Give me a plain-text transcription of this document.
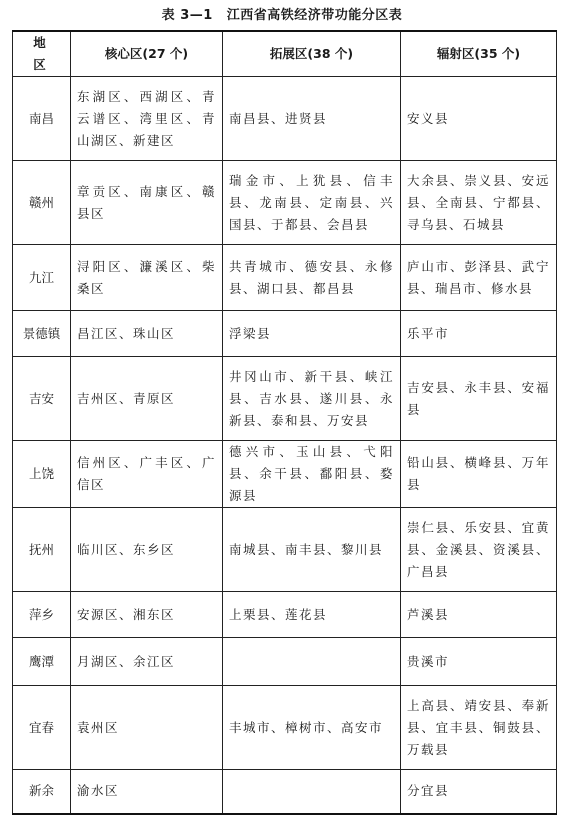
表 3—1 江西省高铁经济带功能分区表
地区	核心区(27 个)	拓展区(38 个)	辐射区(35 个)
南昌	东湖区、西湖区、青云谱区、湾里区、青山湖区、新建区	南昌县、进贤县	安义县
赣州	章贡区、南康区、赣县区	瑞金市、上犹县、信丰县、龙南县、定南县、兴国县、于都县、会昌县	大余县、崇义县、安远县、全南县、宁都县、寻乌县、石城县
九江	浔阳区、濂溪区、柴桑区	共青城市、德安县、永修县、湖口县、都昌县	庐山市、彭泽县、武宁县、瑞昌市、修水县
景德镇	昌江区、珠山区	浮梁县	乐平市
吉安	吉州区、青原区	井冈山市、新干县、峡江县、吉水县、遂川县、永新县、泰和县、万安县	吉安县、永丰县、安福县
上饶	信州区、广丰区、广信区	德兴市、玉山县、弋阳县、余干县、鄱阳县、婺源县	铅山县、横峰县、万年县
抚州	临川区、东乡区	南城县、南丰县、黎川县	崇仁县、乐安县、宜黄县、金溪县、资溪县、广昌县
萍乡	安源区、湘东区	上栗县、莲花县	芦溪县
鹰潭	月湖区、余江区		贵溪市
宜春	袁州区	丰城市、樟树市、高安市	上高县、靖安县、奉新县、宜丰县、铜鼓县、万载县
新余	渝水区		分宜县
